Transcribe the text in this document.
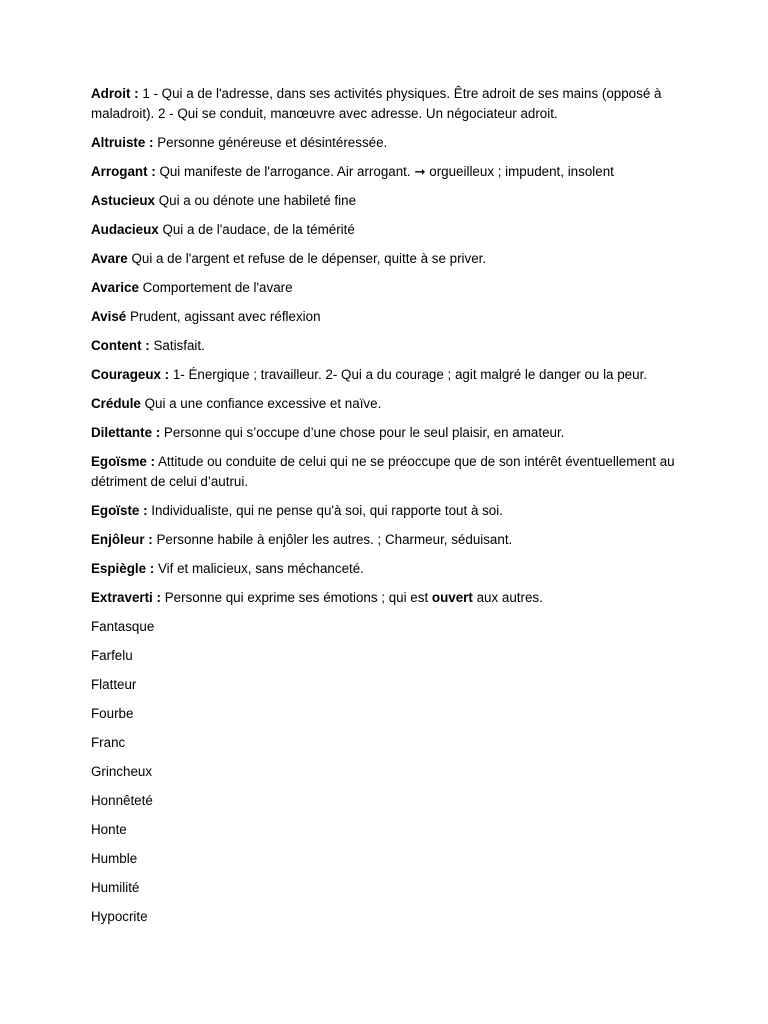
Adroit : 1 - Qui a de l'adresse, dans ses activités physiques. Être adroit de ses mains (opposé à maladroit). 2 - Qui se conduit, manœuvre avec adresse. Un négociateur adroit.

Altruiste : Personne généreuse et désintéressée.

Arrogant : Qui manifeste de l'arrogance. Air arrogant. ➞ orgueilleux ; impudent, insolent

Astucieux Qui a ou dénote une habileté fine

Audacieux Qui a de l'audace, de la témérité

Avare Qui a de l'argent et refuse de le dépenser, quitte à se priver.

Avarice Comportement de l'avare

Avisé Prudent, agissant avec réflexion

Content : Satisfait.

Courageux : 1- Énergique ; travailleur. 2- Qui a du courage ; agit malgré le danger ou la peur.

Crédule Qui a une confiance excessive et naïve.

Dilettante : Personne qui s’occupe d’une chose pour le seul plaisir, en amateur.

Egoïsme : Attitude ou conduite de celui qui ne se préoccupe que de son intérêt éventuellement au détriment de celui d’autrui.

Egoïste : Individualiste, qui ne pense qu'à soi, qui rapporte tout à soi.

Enjôleur : Personne habile à enjôler les autres. ; Charmeur, séduisant.

Espiègle : Vif et malicieux, sans méchanceté.

Extraverti : Personne qui exprime ses émotions ; qui est ouvert aux autres.

Fantasque

Farfelu

Flatteur

Fourbe

Franc

Grincheux

Honnêteté

Honte

Humble

Humilité

Hypocrite
